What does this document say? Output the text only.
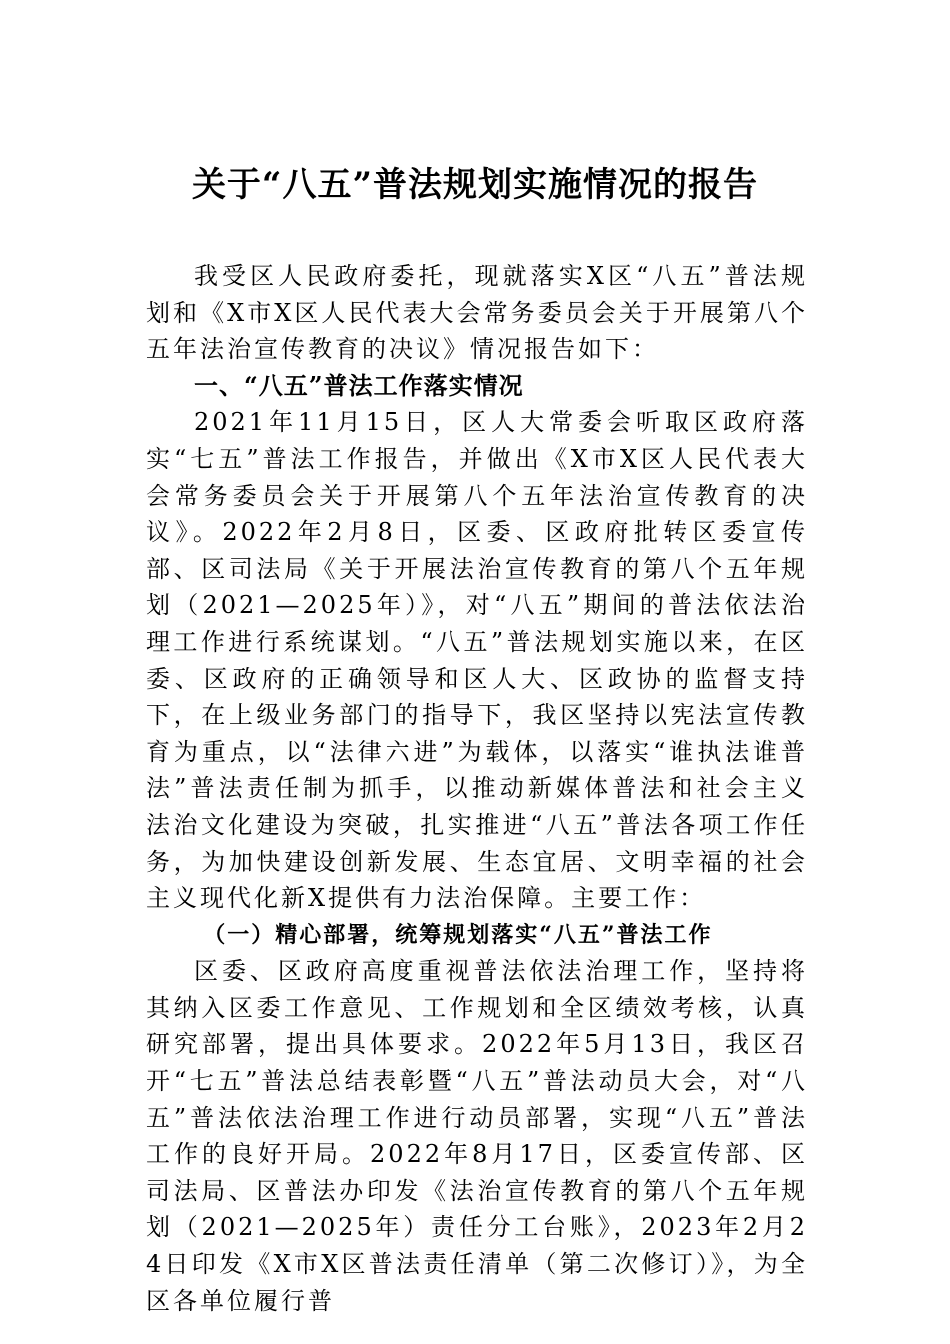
关于“八五”普法规划实施情况的报告

我受区人民政府委托，现就落实X区“八五”普法规划和《X市X区人民代表大会常务委员会关于开展第八个五年法治宣传教育的决议》情况报告如下：

一、“八五”普法工作落实情况

2021年11月15日，区人大常委会听取区政府落实“七五”普法工作报告，并做出《X市X区人民代表大会常务委员会关于开展第八个五年法治宣传教育的决议》。2022年2月8日，区委、区政府批转区委宣传部、区司法局《关于开展法治宣传教育的第八个五年规划（2021—2025年）》，对“八五”期间的普法依法治理工作进行系统谋划。“八五”普法规划实施以来，在区委、区政府的正确领导和区人大、区政协的监督支持下，在上级业务部门的指导下，我区坚持以宪法宣传教育为重点，以“法律六进”为载体，以落实“谁执法谁普法”普法责任制为抓手，以推动新媒体普法和社会主义法治文化建设为突破，扎实推进“八五”普法各项工作任务，为加快建设创新发展、生态宜居、文明幸福的社会主义现代化新X提供有力法治保障。主要工作：

（一）精心部署，统筹规划落实“八五”普法工作

区委、区政府高度重视普法依法治理工作，坚持将其纳入区委工作意见、工作规划和全区绩效考核，认真研究部署，提出具体要求。2022年5月13日，我区召开“七五”普法总结表彰暨“八五”普法动员大会，对“八五”普法依法治理工作进行动员部署，实现“八五”普法工作的良好开局。2022年8月17日，区委宣传部、区司法局、区普法办印发《法治宣传教育的第八个五年规划（2021—2025年）责任分工台账》，2023年2月24日印发《X市X区普法责任清单（第二次修订）》，为全区各单位履行普
